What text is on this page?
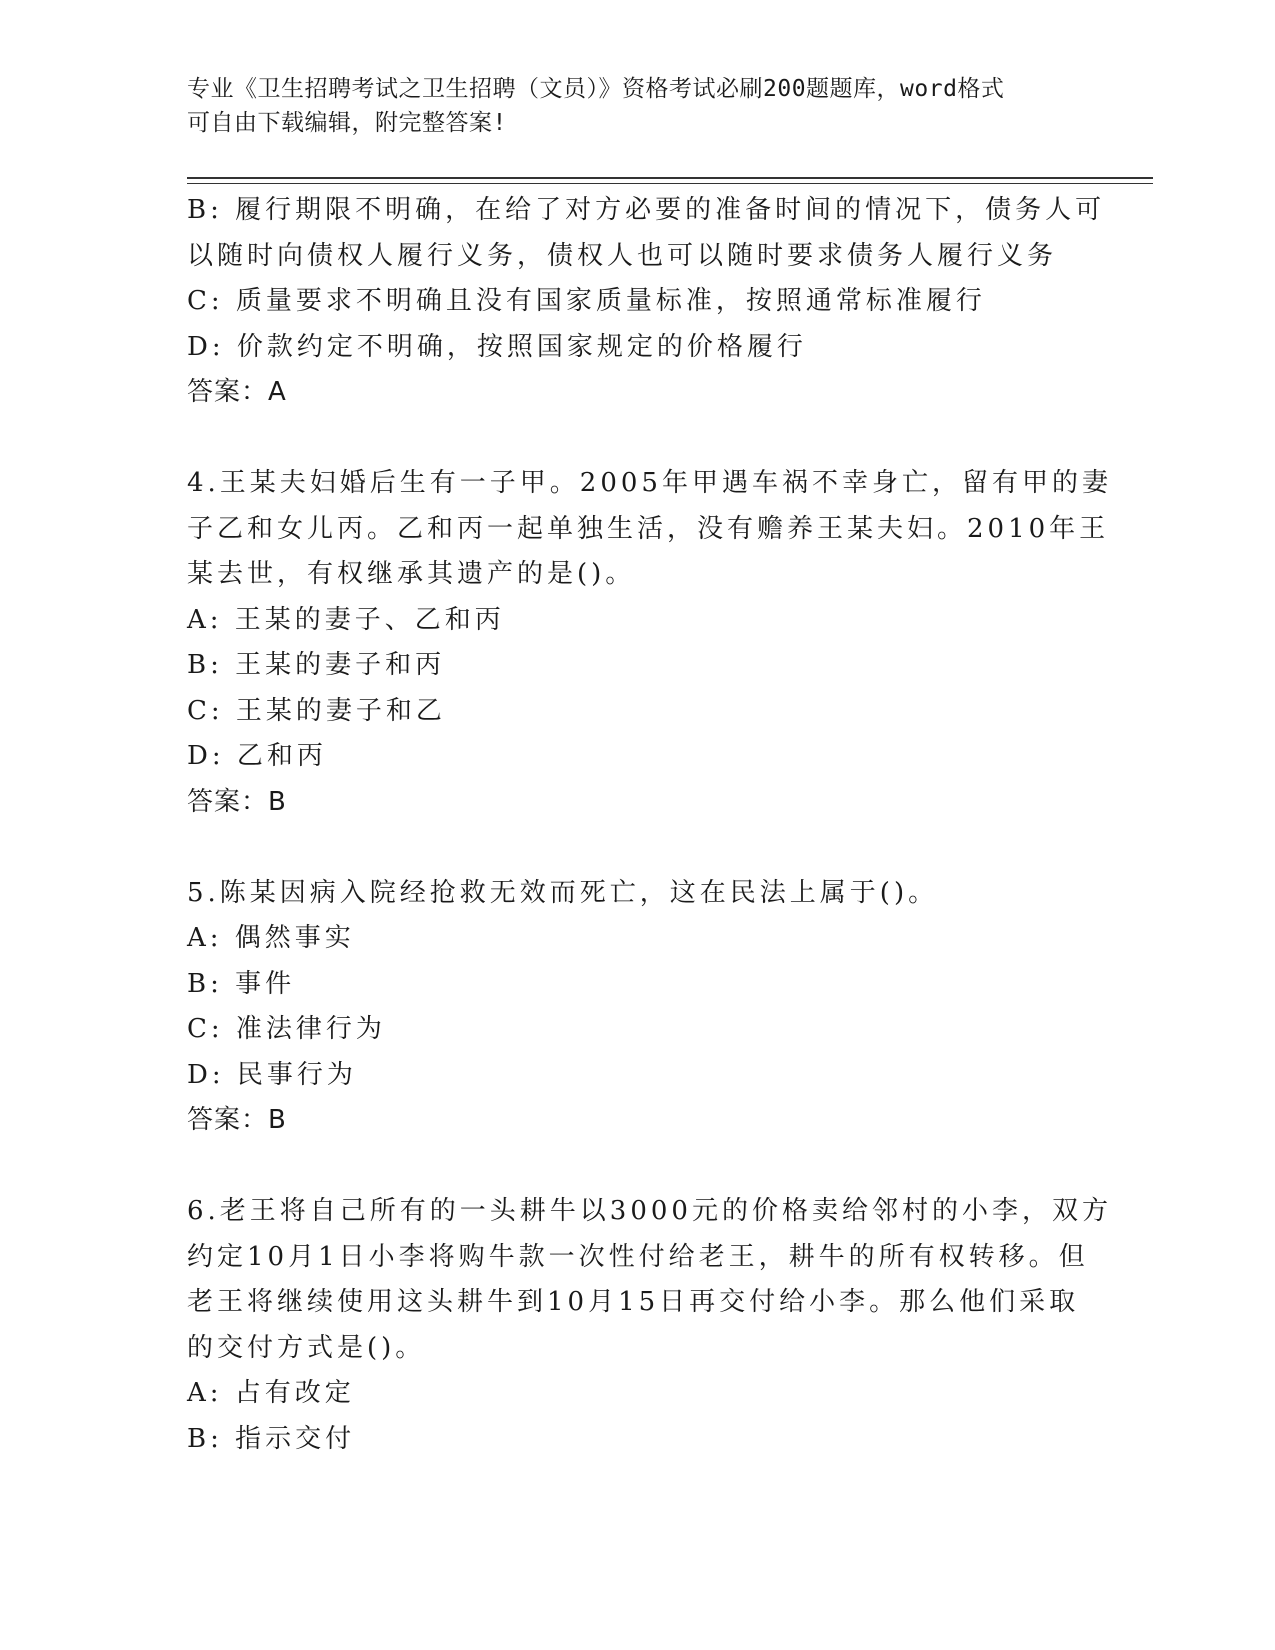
专业《卫生招聘考试之卫生招聘（文员）》资格考试必刷200题题库，word格式
可自由下载编辑，附完整答案!
B: 履行期限不明确，在给了对方必要的准备时间的情况下，债务人可
以随时向债权人履行义务，债权人也可以随时要求债务人履行义务
C: 质量要求不明确且没有国家质量标准，按照通常标准履行
D: 价款约定不明确，按照国家规定的价格履行
答案：A
4.王某夫妇婚后生有一子甲。2005年甲遇车祸不幸身亡，留有甲的妻
子乙和女儿丙。乙和丙一起单独生活，没有赡养王某夫妇。2010年王
某去世，有权继承其遗产的是()。
A: 王某的妻子、乙和丙
B: 王某的妻子和丙
C: 王某的妻子和乙
D: 乙和丙
答案：B
5.陈某因病入院经抢救无效而死亡，这在民法上属于()。
A: 偶然事实
B: 事件
C: 准法律行为
D: 民事行为
答案：B
6.老王将自己所有的一头耕牛以3000元的价格卖给邻村的小李，双方
约定10月1日小李将购牛款一次性付给老王，耕牛的所有权转移。但
老王将继续使用这头耕牛到10月15日再交付给小李。那么他们采取
的交付方式是()。
A: 占有改定
B: 指示交付
